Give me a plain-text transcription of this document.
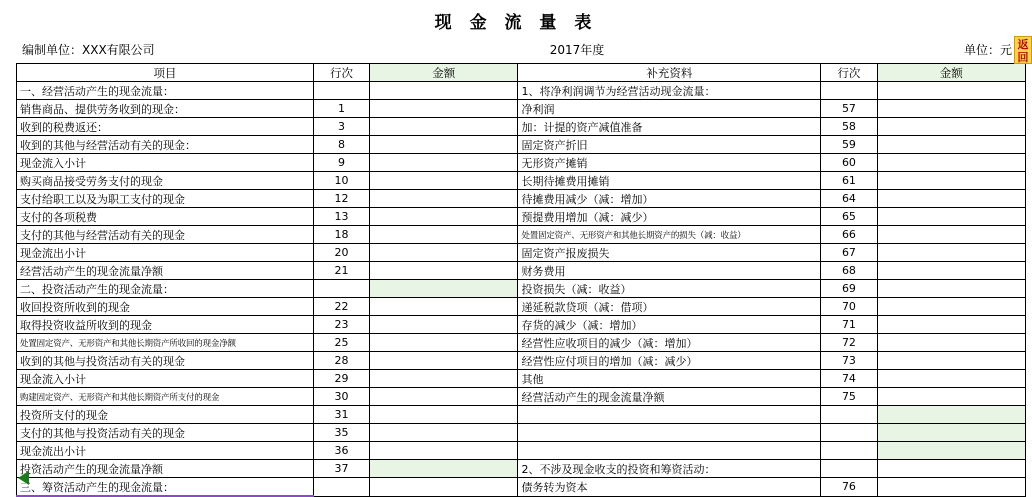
现 金 流 量 表
编制单位：XXX有限公司	2017年度	单位：元 返回
项目	行次	金额	补充资料	行次	金额
一、经营活动产生的现金流量：			1、将净利润调节为经营活动现金流量：		
销售商品、提供劳务收到的现金：	1		净利润	57	
收到的税费返还：	3		加：计提的资产减值准备	58	
收到的其他与经营活动有关的现金：	8		固定资产折旧	59	
现金流入小计	9		无形资产摊销	60	
购买商品接受劳务支付的现金	10		长期待摊费用摊销	61	
支付给职工以及为职工支付的现金	12		待摊费用减少（减：增加）	64	
支付的各项税费	13		预提费用增加（减：减少）	65	
支付的其他与经营活动有关的现金	18		处置固定资产、无形资产和其他长期资产的损失（减：收益）	66	
现金流出小计	20		固定资产报废损失	67	
经营活动产生的现金流量净额	21		财务费用	68	
二、投资活动产生的现金流量：			投资损失（减：收益）	69	
收回投资所收到的现金	22		递延税款贷项（减：借项）	70	
取得投资收益所收到的现金	23		存货的减少（减：增加）	71	
处置固定资产、无形资产和其他长期资产所收回的现金净额	25		经营性应收项目的减少（减：增加）	72	
收到的其他与投资活动有关的现金	28		经营性应付项目的增加（减：减少）	73	
现金流入小计	29		其他	74	
购建固定资产、无形资产和其他长期资产所支付的现金	30		经营活动产生的现金流量净额	75	
投资所支付的现金	31				
支付的其他与投资活动有关的现金	35				
现金流出小计	36				
投资活动产生的现金流量净额	37		2、不涉及现金收支的投资和筹资活动：		
三、筹资活动产生的现金流量：			债务转为资本	76	
